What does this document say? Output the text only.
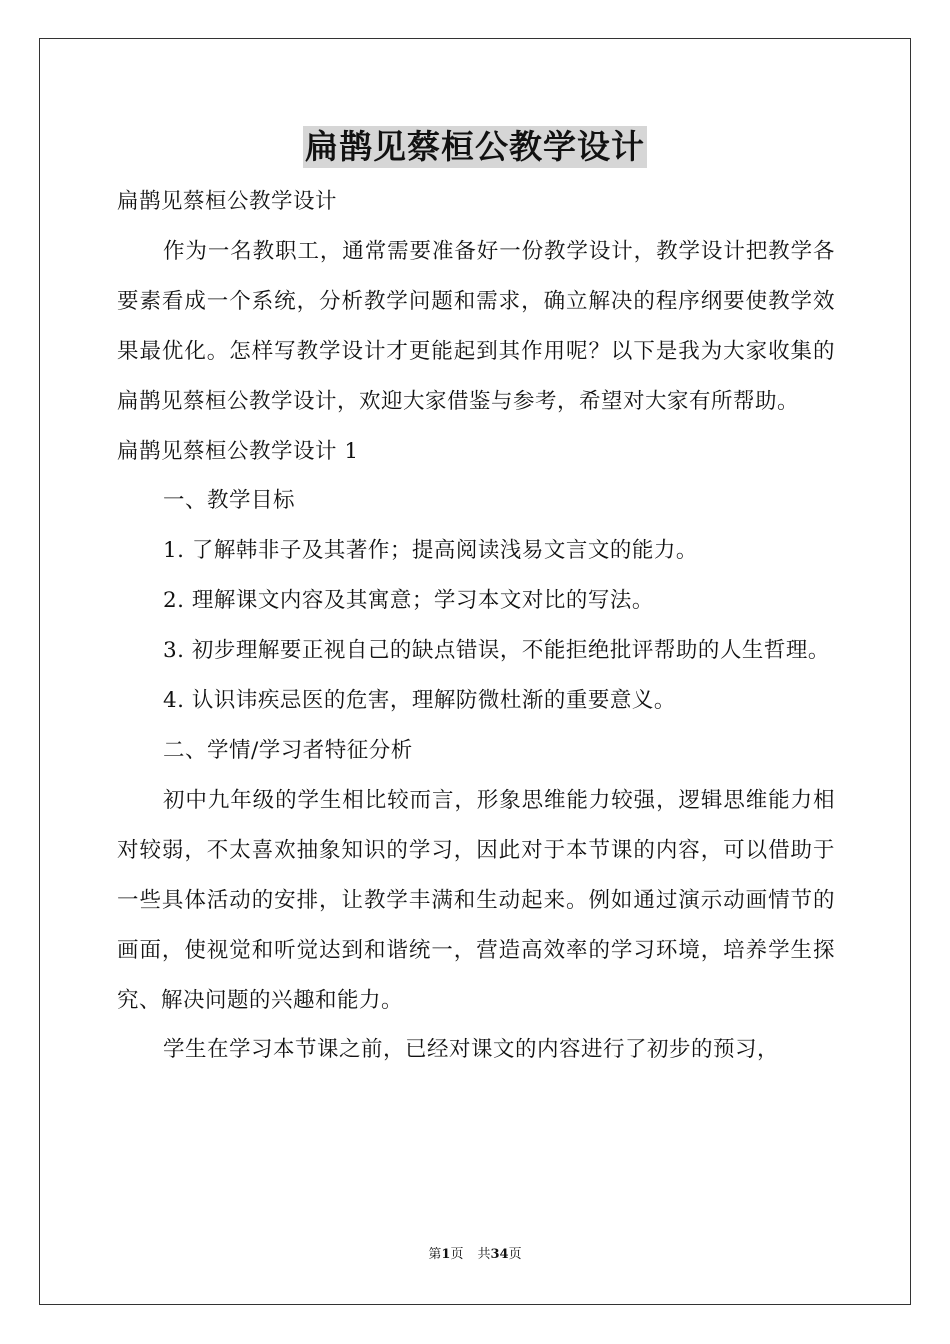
扁鹊见蔡桓公教学设计

扁鹊见蔡桓公教学设计

作为一名教职工，通常需要准备好一份教学设计，教学设计把教学各要素看成一个系统，分析教学问题和需求，确立解决的程序纲要使教学效果最优化。怎样写教学设计才更能起到其作用呢？以下是我为大家收集的扁鹊见蔡桓公教学设计，欢迎大家借鉴与参考，希望对大家有所帮助。

扁鹊见蔡桓公教学设计 1

一、教学目标

1. 了解韩非子及其著作；提高阅读浅易文言文的能力。

2. 理解课文内容及其寓意；学习本文对比的写法。

3. 初步理解要正视自己的缺点错误，不能拒绝批评帮助的人生哲理。

4. 认识讳疾忌医的危害，理解防微杜渐的重要意义。

二、学情/学习者特征分析

初中九年级的学生相比较而言，形象思维能力较强，逻辑思维能力相对较弱，不太喜欢抽象知识的学习，因此对于本节课的内容，可以借助于一些具体活动的安排，让教学丰满和生动起来。例如通过演示动画情节的画面，使视觉和听觉达到和谐统一，营造高效率的学习环境，培养学生探究、解决问题的兴趣和能力。

学生在学习本节课之前，已经对课文的内容进行了初步的预习，

第1页 共34页
